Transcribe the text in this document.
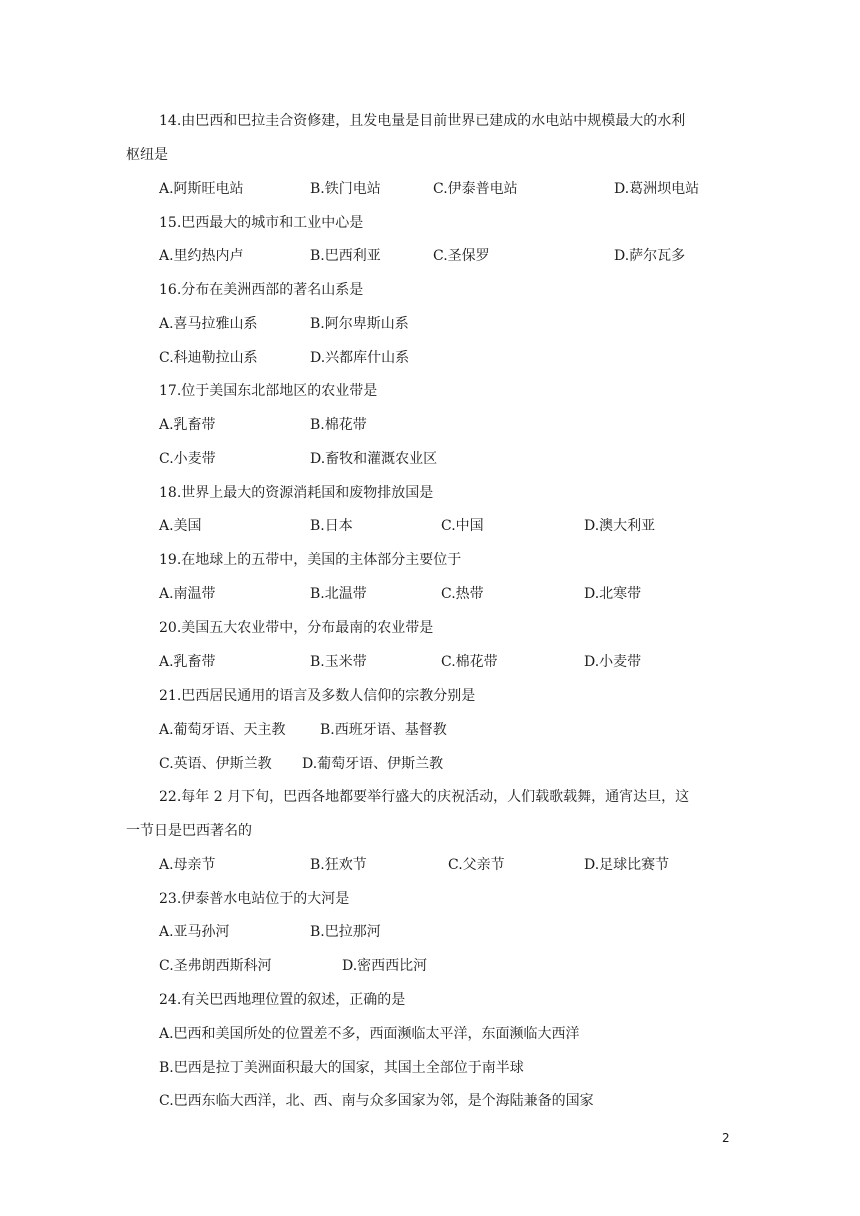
14.由巴西和巴拉圭合资修建，且发电量是目前世界已建成的水电站中规模最大的水利
枢纽是
A.阿斯旺电站	B.铁门电站	C.伊泰普电站	D.葛洲坝电站
15.巴西最大的城市和工业中心是
A.里约热内卢	B.巴西利亚	C.圣保罗	D.萨尔瓦多
16.分布在美洲西部的著名山系是
A.喜马拉雅山系	B.阿尔卑斯山系
C.科迪勒拉山系	D.兴都库什山系
17.位于美国东北部地区的农业带是
A.乳畜带	B.棉花带
C.小麦带	D.畜牧和灌溉农业区
18.世界上最大的资源消耗国和废物排放国是
A.美国	B.日本	C.中国	D.澳大利亚
19.在地球上的五带中，美国的主体部分主要位于
A.南温带	B.北温带	C.热带	D.北寒带
20.美国五大农业带中，分布最南的农业带是
A.乳畜带	B.玉米带	C.棉花带	D.小麦带
21.巴西居民通用的语言及多数人信仰的宗教分别是
A.葡萄牙语、天主教 B.西班牙语、基督教
C.英语、伊斯兰教 D.葡萄牙语、伊斯兰教
22.每年 2 月下旬，巴西各地都要举行盛大的庆祝活动，人们载歌载舞，通宵达旦，这
一节日是巴西著名的
A.母亲节	B.狂欢节	C.父亲节	D.足球比赛节
23.伊泰普水电站位于的大河是
A.亚马孙河	B.巴拉那河
C.圣弗朗西斯科河	D.密西西比河
24.有关巴西地理位置的叙述，正确的是
A.巴西和美国所处的位置差不多，西面濒临太平洋，东面濒临大西洋
B.巴西是拉丁美洲面积最大的国家，其国土全部位于南半球
C.巴西东临大西洋，北、西、南与众多国家为邻，是个海陆兼备的国家
2
